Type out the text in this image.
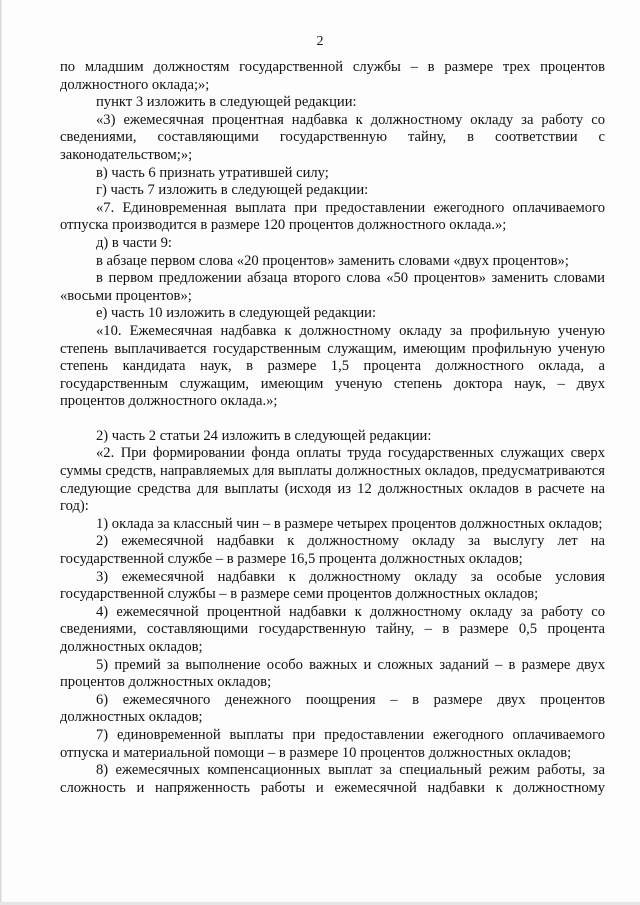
2

по младшим должностям государственной службы – в размере трех процентов должностного оклада;»;

пункт 3 изложить в следующей редакции:

«3) ежемесячная процентная надбавка к должностному окладу за работу со сведениями, составляющими государственную тайну, в соответствии с законодательством;»;

в) часть 6 признать утратившей силу;

г) часть 7 изложить в следующей редакции:

«7. Единовременная выплата при предоставлении ежегодного оплачиваемого отпуска производится в размере 120 процентов должностного оклада.»;

д) в части 9:

в абзаце первом слова «20 процентов» заменить словами «двух процентов»;

в первом предложении абзаца второго слова «50 процентов» заменить словами «восьми процентов»;

е) часть 10 изложить в следующей редакции:

«10. Ежемесячная надбавка к должностному окладу за профильную ученую степень выплачивается государственным служащим, имеющим профильную ученую степень кандидата наук, в размере 1,5 процента должностного оклада, а государственным служащим, имеющим ученую степень доктора наук, – двух процентов должностного оклада.»;

2) часть 2 статьи 24 изложить в следующей редакции:

«2. При формировании фонда оплаты труда государственных служащих сверх суммы средств, направляемых для выплаты должностных окладов, предусматриваются следующие средства для выплаты (исходя из 12 должностных окладов в расчете на год):

1) оклада за классный чин – в размере четырех процентов должностных окладов;

2) ежемесячной надбавки к должностному окладу за выслугу лет на государственной службе – в размере 16,5 процента должностных окладов;

3) ежемесячной надбавки к должностному окладу за особые условия государственной службы – в размере семи процентов должностных окладов;

4) ежемесячной процентной надбавки к должностному окладу за работу со сведениями, составляющими государственную тайну, – в размере 0,5 процента должностных окладов;

5) премий за выполнение особо важных и сложных заданий – в размере двух процентов должностных окладов;

6) ежемесячного денежного поощрения – в размере двух процентов должностных окладов;

7) единовременной выплаты при предоставлении ежегодного оплачиваемого отпуска и материальной помощи – в размере 10 процентов должностных окладов;

8) ежемесячных компенсационных выплат за специальный режим работы, за сложность и напряженность работы и ежемесячной надбавки к должностному
